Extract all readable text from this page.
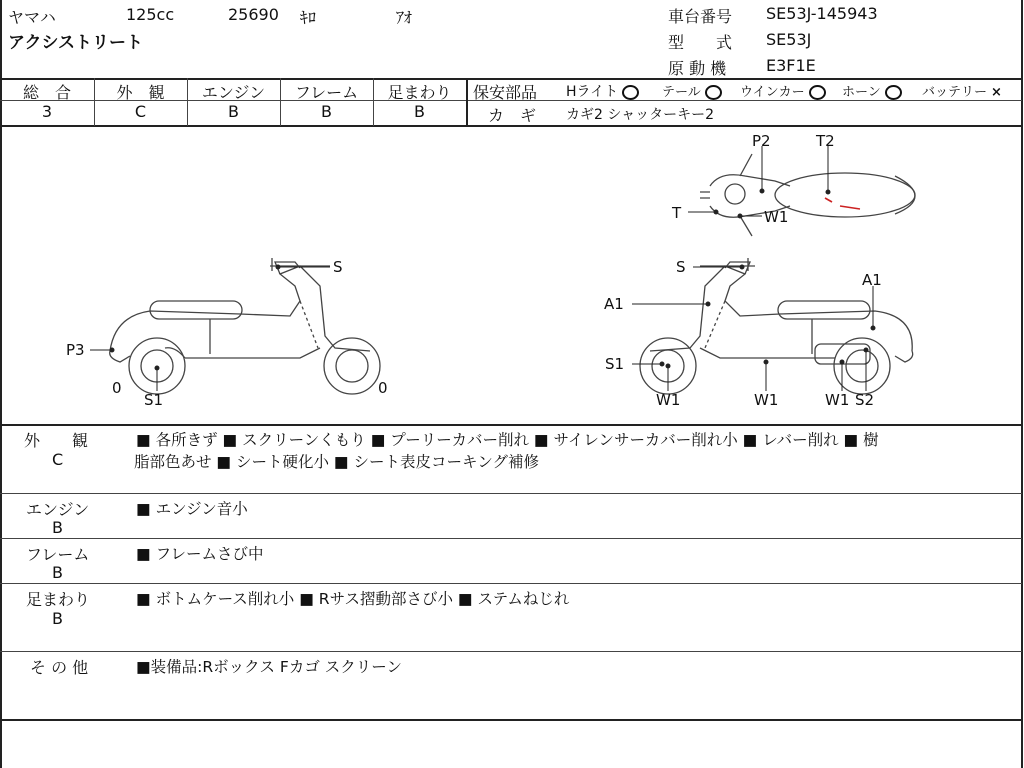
ヤマハ	125cc	25690 ｷﾛ	ｱｵ
アクシストリート
車台番号 SE53J-145943
型　　式 SE53J
原 動 機 E3F1E
総　合	外　観	エンジン	フレーム	足まわり
3	C	B	B	B
保安部品 Hライト	テール	ウインカー	ホーン	バッテリー ×
カ　ギ カギ2 シャッターキー2
P2	T2
T	W1
S
P3
0
S1
0
S
A1
A1
S1
W1	W1	W1 S2
外　　観
C
■ 各所きず ■ スクリーンくもり ■ プーリーカバー削れ ■ サイレンサーカバー削れ小 ■ レバー削れ ■ 樹
脂部色あせ ■ シート硬化小 ■ シート表皮コーキング補修
エンジン
B
■ エンジン音小
フレーム
B
■ フレームさび中
足まわり
B
■ ボトムケース削れ小 ■ Rサス摺動部さび小 ■ ステムねじれ
そ の 他	■装備品:Rボックス Fカゴ スクリーン
